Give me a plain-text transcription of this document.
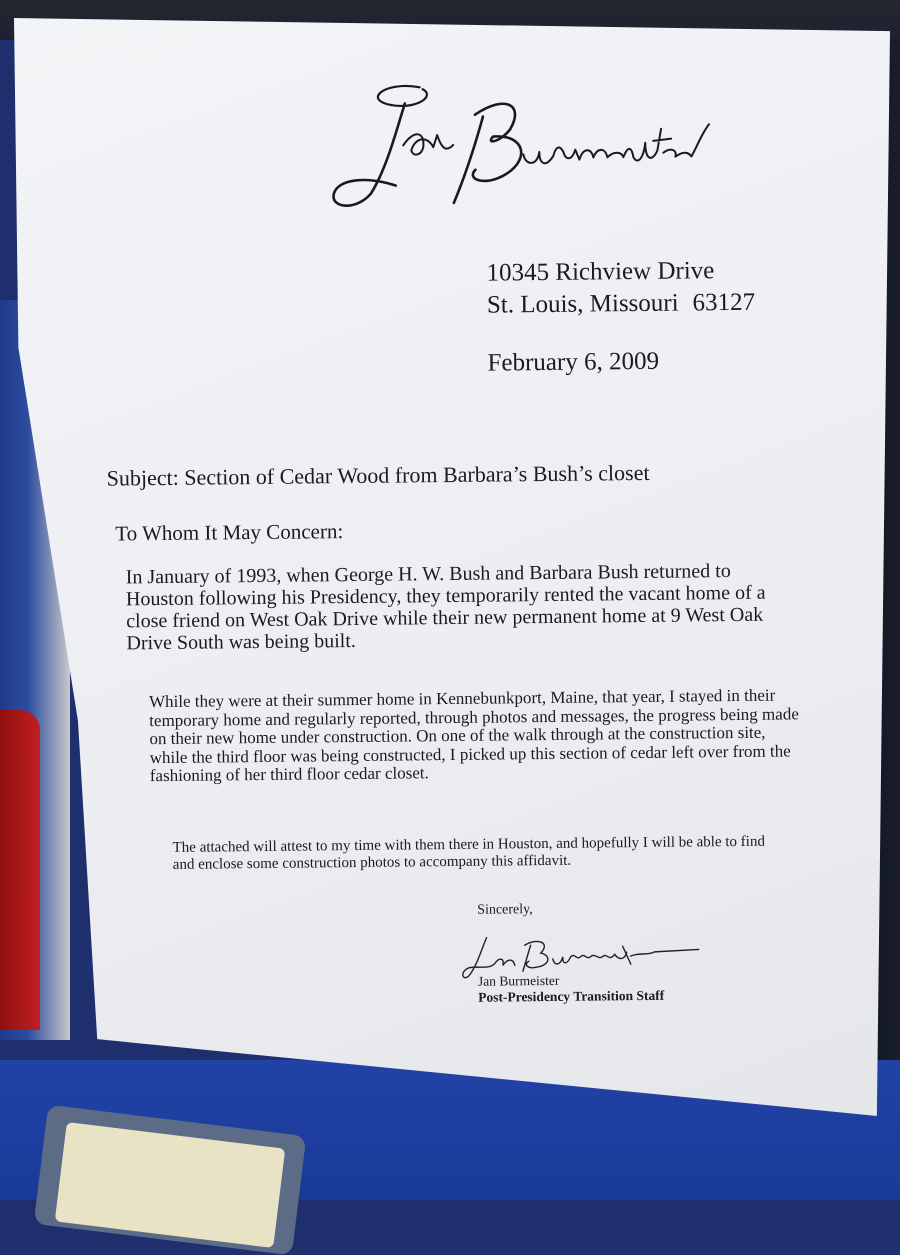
10345 Richview Drive
St. Louis, Missouri 63127
February 6, 2009
Subject: Section of Cedar Wood from Barbara’s Bush’s closet
To Whom It May Concern:

In January of 1993, when George H. W. Bush and Barbara Bush returned to Houston following his Presidency, they temporarily rented the vacant home of a close friend on West Oak Drive while their new permanent home at 9 West Oak Drive South was being built.

While they were at their summer home in Kennebunkport, Maine, that year, I stayed in their temporary home and regularly reported, through photos and messages, the progress being made on their new home under construction. On one of the walk through at the construction site, while the third floor was being constructed, I picked up this section of cedar left over from the fashioning of her third floor cedar closet.

The attached will attest to my time with them there in Houston, and hopefully I will be able to find and enclose some construction photos to accompany this affidavit.

Sincerely,
Jan Burmeister
Post-Presidency Transition Staff
